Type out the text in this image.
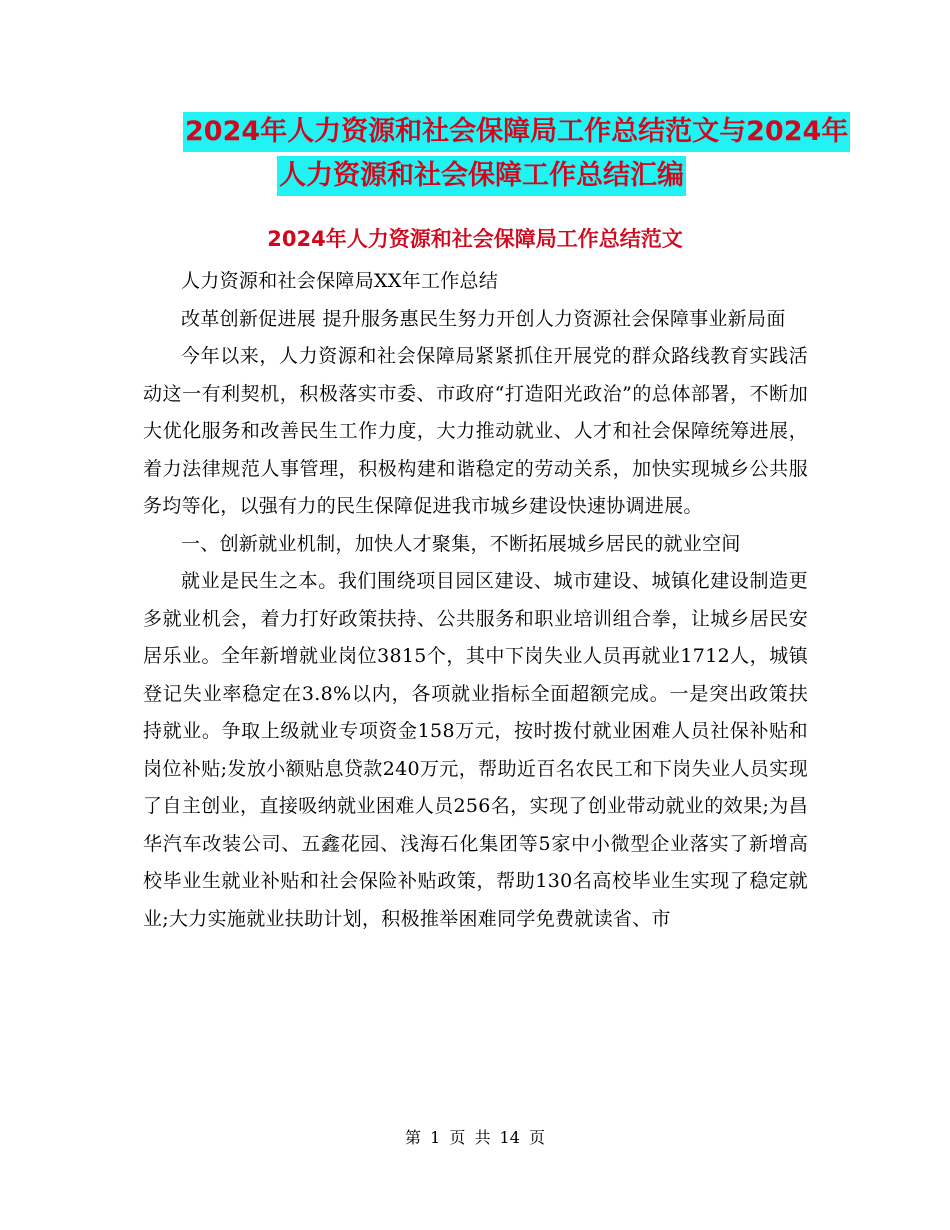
2024年人力资源和社会保障局工作总结范文与2024年
人力资源和社会保障工作总结汇编
2024年人力资源和社会保障局工作总结范文

人力资源和社会保障局XX年工作总结

改革创新促进展 提升服务惠民生努力开创人力资源社会保障事业新局面

今年以来，人力资源和社会保障局紧紧抓住开展党的群众路线教育实践活动这一有利契机，积极落实市委、市政府“打造阳光政治”的总体部署，不断加大优化服务和改善民生工作力度，大力推动就业、人才和社会保障统筹进展，着力法律规范人事管理，积极构建和谐稳定的劳动关系，加快实现城乡公共服务均等化，以强有力的民生保障促进我市城乡建设快速协调进展。

一、创新就业机制，加快人才聚集，不断拓展城乡居民的就业空间

就业是民生之本。我们围绕项目园区建设、城市建设、城镇化建设制造更多就业机会，着力打好政策扶持、公共服务和职业培训组合拳，让城乡居民安居乐业。全年新增就业岗位3815个，其中下岗失业人员再就业1712人，城镇登记失业率稳定在3.8%以内，各项就业指标全面超额完成。一是突出政策扶持就业。争取上级就业专项资金158万元，按时拨付就业困难人员社保补贴和岗位补贴;发放小额贴息贷款240万元，帮助近百名农民工和下岗失业人员实现了自主创业，直接吸纳就业困难人员256名，实现了创业带动就业的效果;为昌华汽车改装公司、五鑫花园、浅海石化集团等5家中小微型企业落实了新增高校毕业生就业补贴和社会保险补贴政策，帮助130名高校毕业生实现了稳定就业;大力实施就业扶助计划，积极推举困难同学免费就读省、市

第 1 页 共 14 页
